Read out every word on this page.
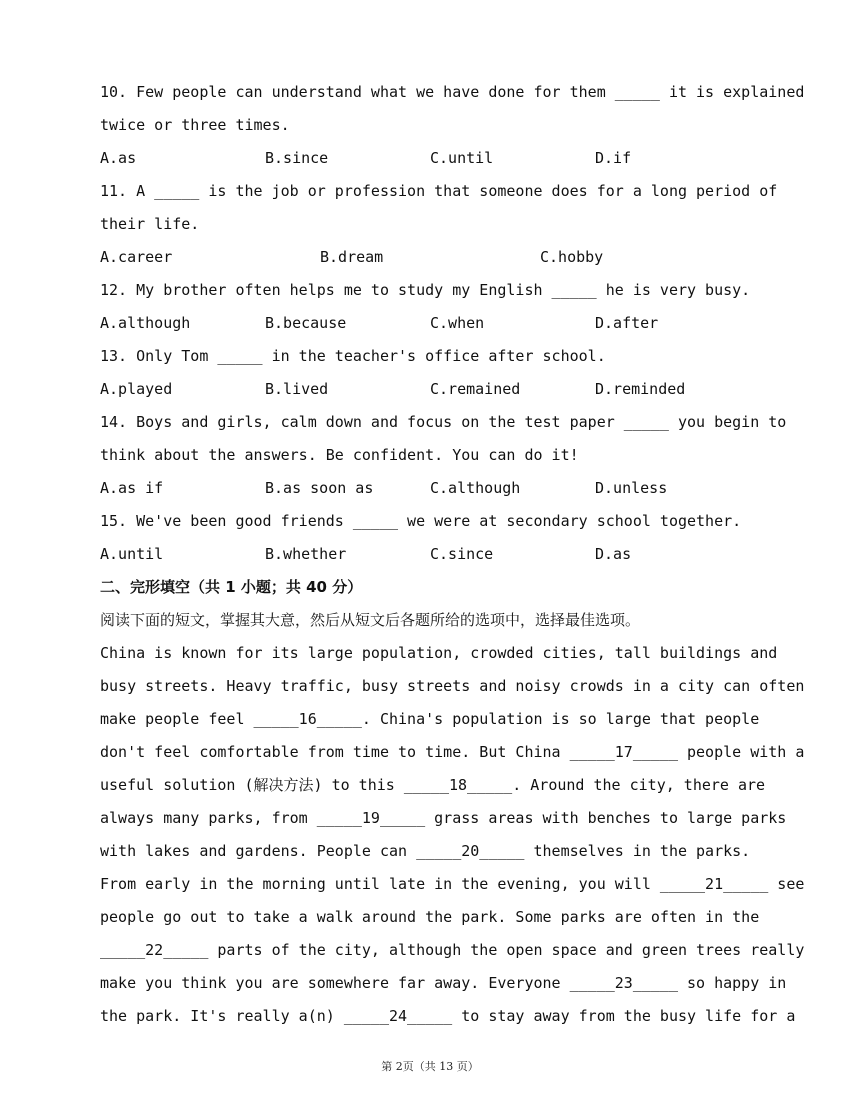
10. Few people can understand what we have done for them _____ it is explained
twice or three times.
A.as	B.since	C.until	D.if
11. A _____ is the job or profession that someone does for a long period of
their life.
A.career	B.dream	C.hobby
12. My brother often helps me to study my English _____ he is very busy.
A.although	B.because	C.when	D.after
13. Only Tom _____ in the teacher's office after school.
A.played	B.lived	C.remained	D.reminded
14. Boys and girls, calm down and focus on the test paper _____ you begin to
think about the answers. Be confident. You can do it!
A.as if	B.as soon as	C.although	D.unless
15. We've been good friends _____ we were at secondary school together.
A.until	B.whether	C.since	D.as
二、完形填空（共 1 小题；共 40 分）
阅读下面的短文，掌握其大意，然后从短文后各题所给的选项中，选择最佳选项。
China is known for its large population, crowded cities, tall buildings and
busy streets. Heavy traffic, busy streets and noisy crowds in a city can often
make people feel _____16_____. China's population is so large that people
don't feel comfortable from time to time. But China _____17_____ people with a
useful solution (解决方法) to this _____18_____. Around the city, there are
always many parks, from _____19_____ grass areas with benches to large parks
with lakes and gardens. People can _____20_____ themselves in the parks.
From early in the morning until late in the evening, you will _____21_____ see
people go out to take a walk around the park. Some parks are often in the
_____22_____ parts of the city, although the open space and green trees really
make you think you are somewhere far away. Everyone _____23_____ so happy in
the park. It's really a(n) _____24_____ to stay away from the busy life for a
第 2页（共 13 页）
